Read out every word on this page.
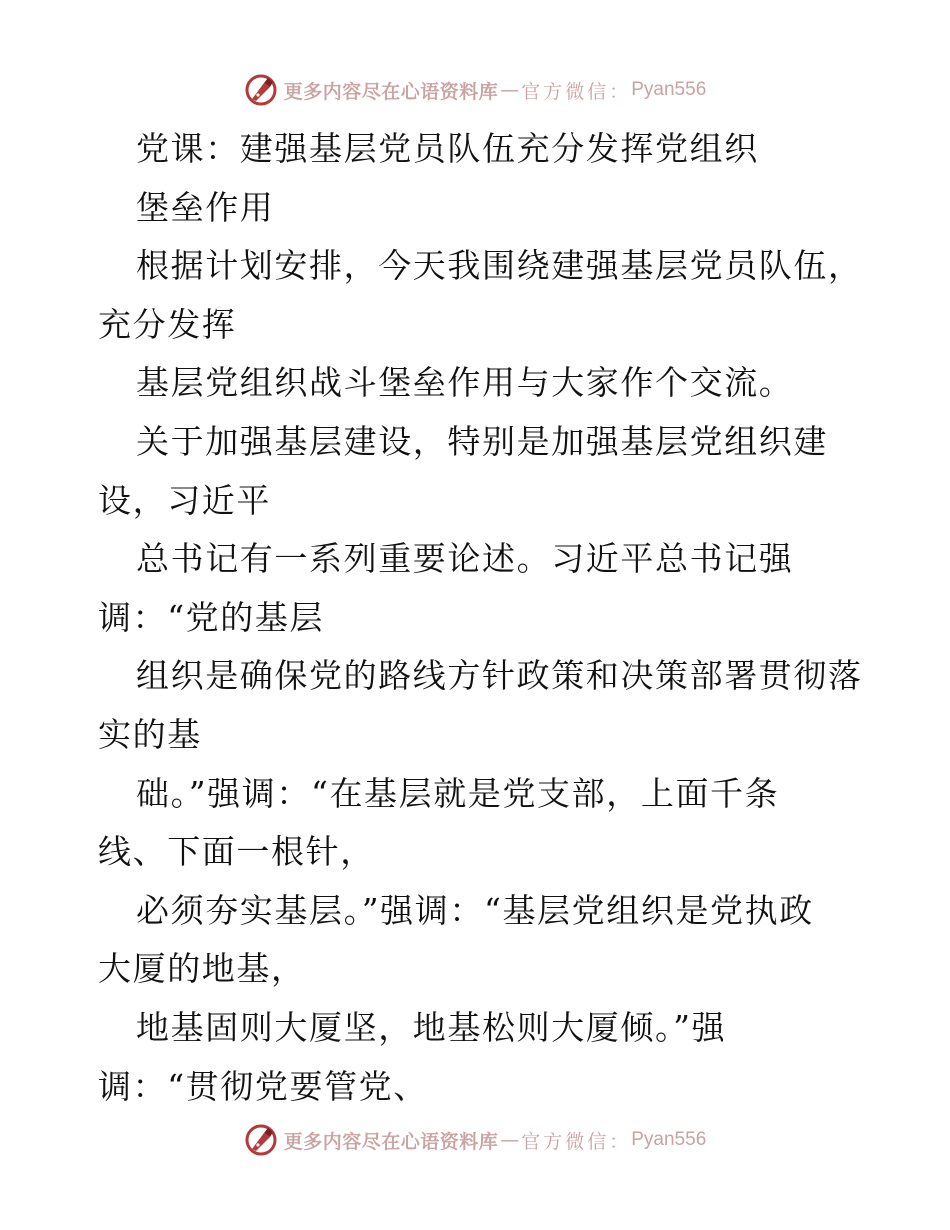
更多内容尽在心语资料库 — 官方微信： Pyan556
党课：建强基层党员队伍充分发挥党组织
堡垒作用
根据计划安排，今天我围绕建强基层党员队伍，
充分发挥
基层党组织战斗堡垒作用与大家作个交流。
关于加强基层建设，特别是加强基层党组织建
设，习近平
总书记有一系列重要论述。习近平总书记强
调：“党的基层
组织是确保党的路线方针政策和决策部署贯彻落
实的基
础。”强调：“在基层就是党支部，上面千条
线、下面一根针，
必须夯实基层。”强调：“基层党组织是党执政
大厦的地基，
地基固则大厦坚，地基松则大厦倾。”强
调：“贯彻党要管党、
更多内容尽在心语资料库 — 官方微信： Pyan556
